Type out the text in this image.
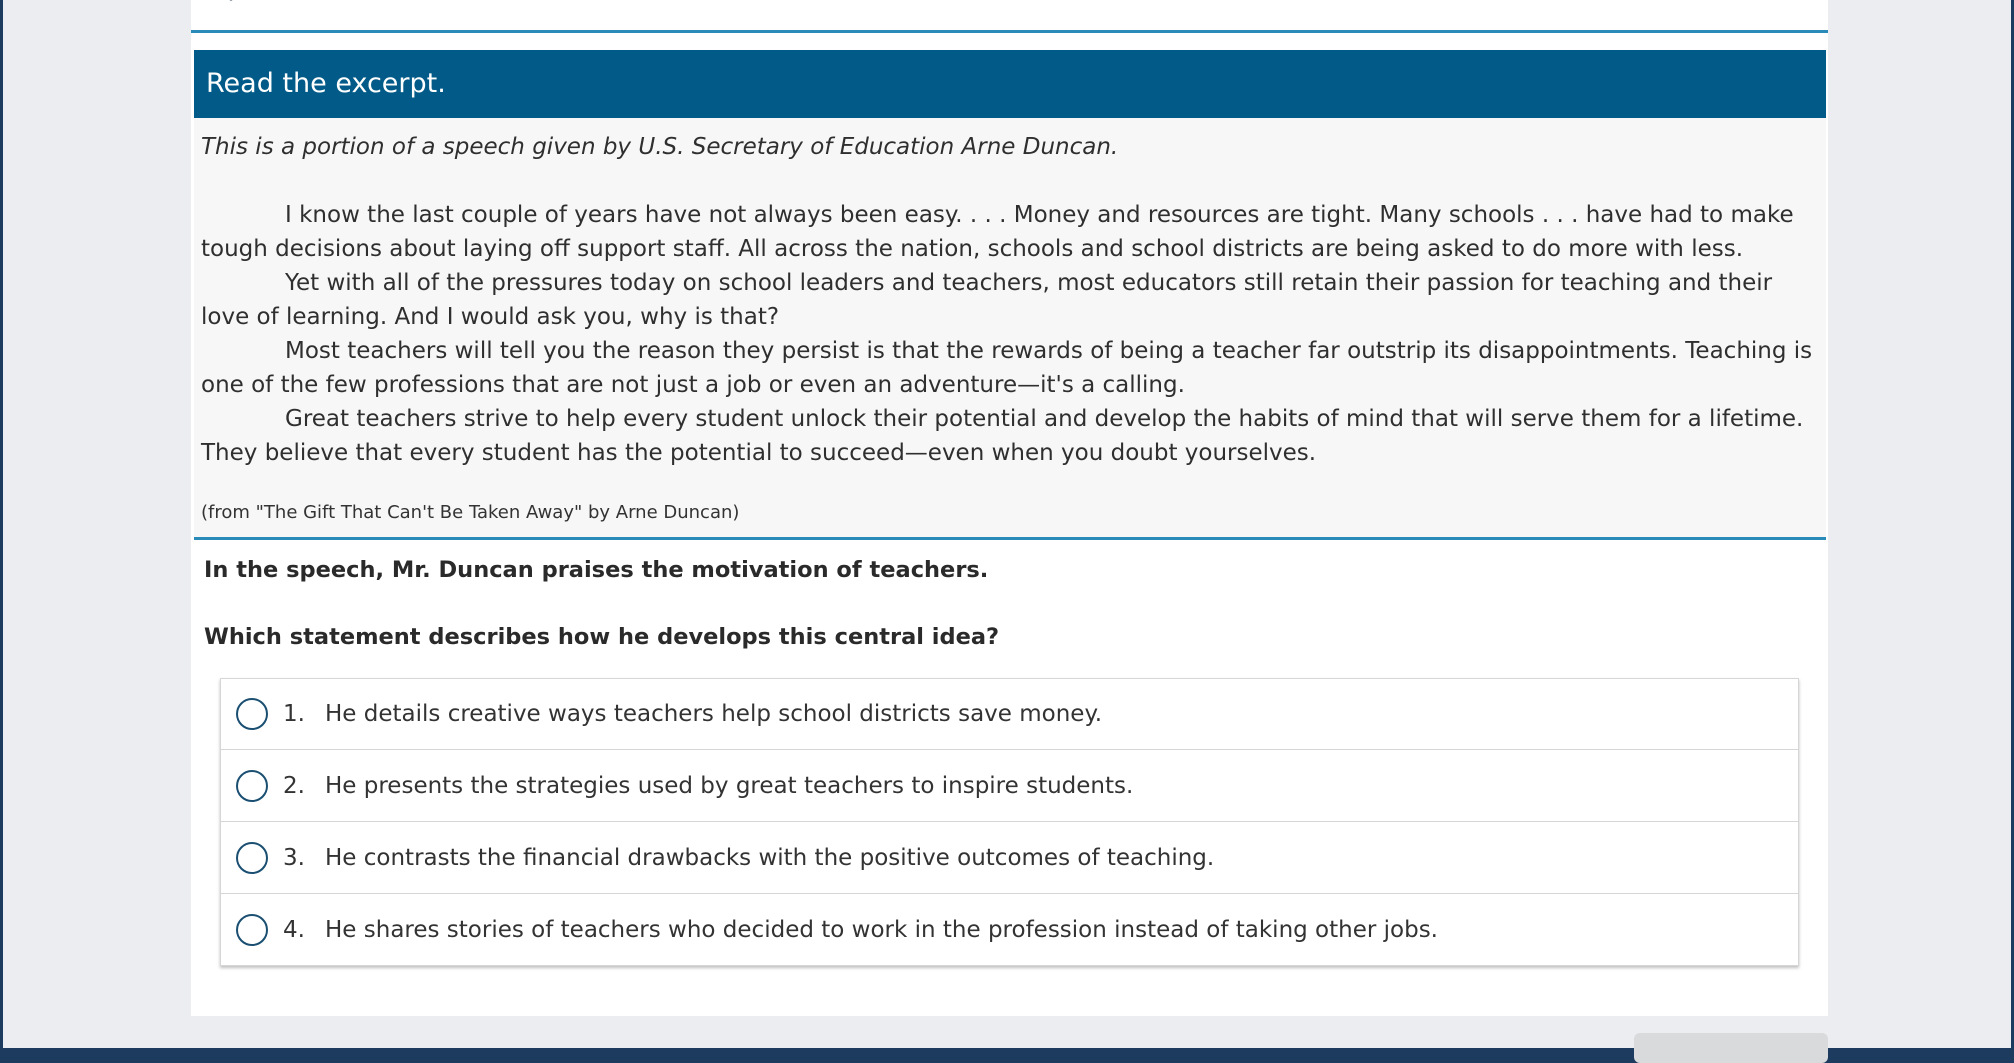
Read the excerpt.

This is a portion of a speech given by U.S. Secretary of Education Arne Duncan.

I know the last couple of years have not always been easy. . . . Money and resources are tight. Many schools . . . have had to make tough decisions about laying off support staff. All across the nation, schools and school districts are being asked to do more with less.

Yet with all of the pressures today on school leaders and teachers, most educators still retain their passion for teaching and their love of learning. And I would ask you, why is that?

Most teachers will tell you the reason they persist is that the rewards of being a teacher far outstrip its disappointments. Teaching is one of the few professions that are not just a job or even an adventure—it's a calling.

Great teachers strive to help every student unlock their potential and develop the habits of mind that will serve them for a lifetime. They believe that every student has the potential to succeed—even when you doubt yourselves.

(from "The Gift That Can't Be Taken Away" by Arne Duncan)
In the speech, Mr. Duncan praises the motivation of teachers.
Which statement describes how he develops this central idea?
1. He details creative ways teachers help school districts save money.
2. He presents the strategies used by great teachers to inspire students.
3. He contrasts the financial drawbacks with the positive outcomes of teaching.
4. He shares stories of teachers who decided to work in the profession instead of taking other jobs.
